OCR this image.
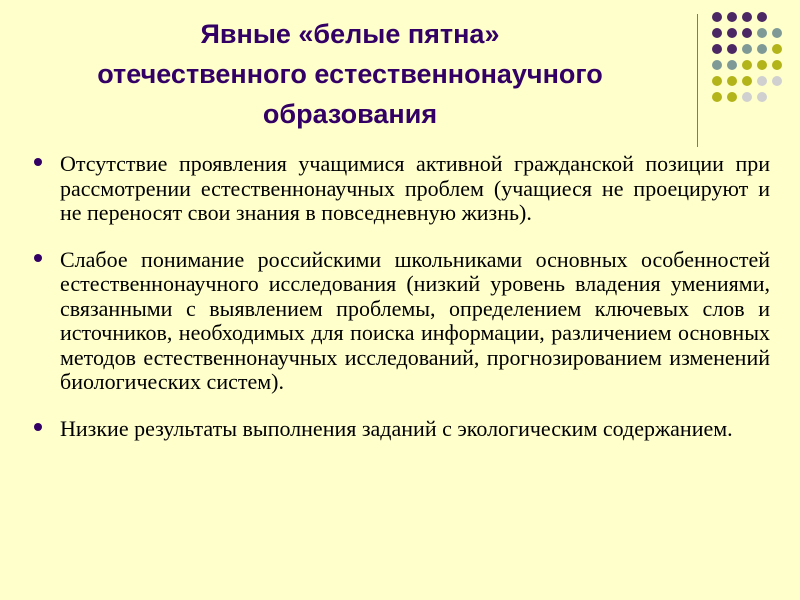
Явные «белые пятна»
отечественного естественнонаучного
образования

Отсутствие проявления учащимися активной гражданской позиции при рассмотрении естественнонаучных проблем (учащиеся не проецируют и не переносят свои знания в повседневную жизнь).

Слабое понимание российскими школьниками основных особенностей естественнонаучного исследования (низкий уровень владения умениями, связанными с выявлением проблемы, определением ключевых слов и источников, необходимых для поиска информации, различением основных методов естественнонаучных исследований, прогнозированием изменений биологических систем).

Низкие результаты выполнения заданий с экологическим содержанием.
